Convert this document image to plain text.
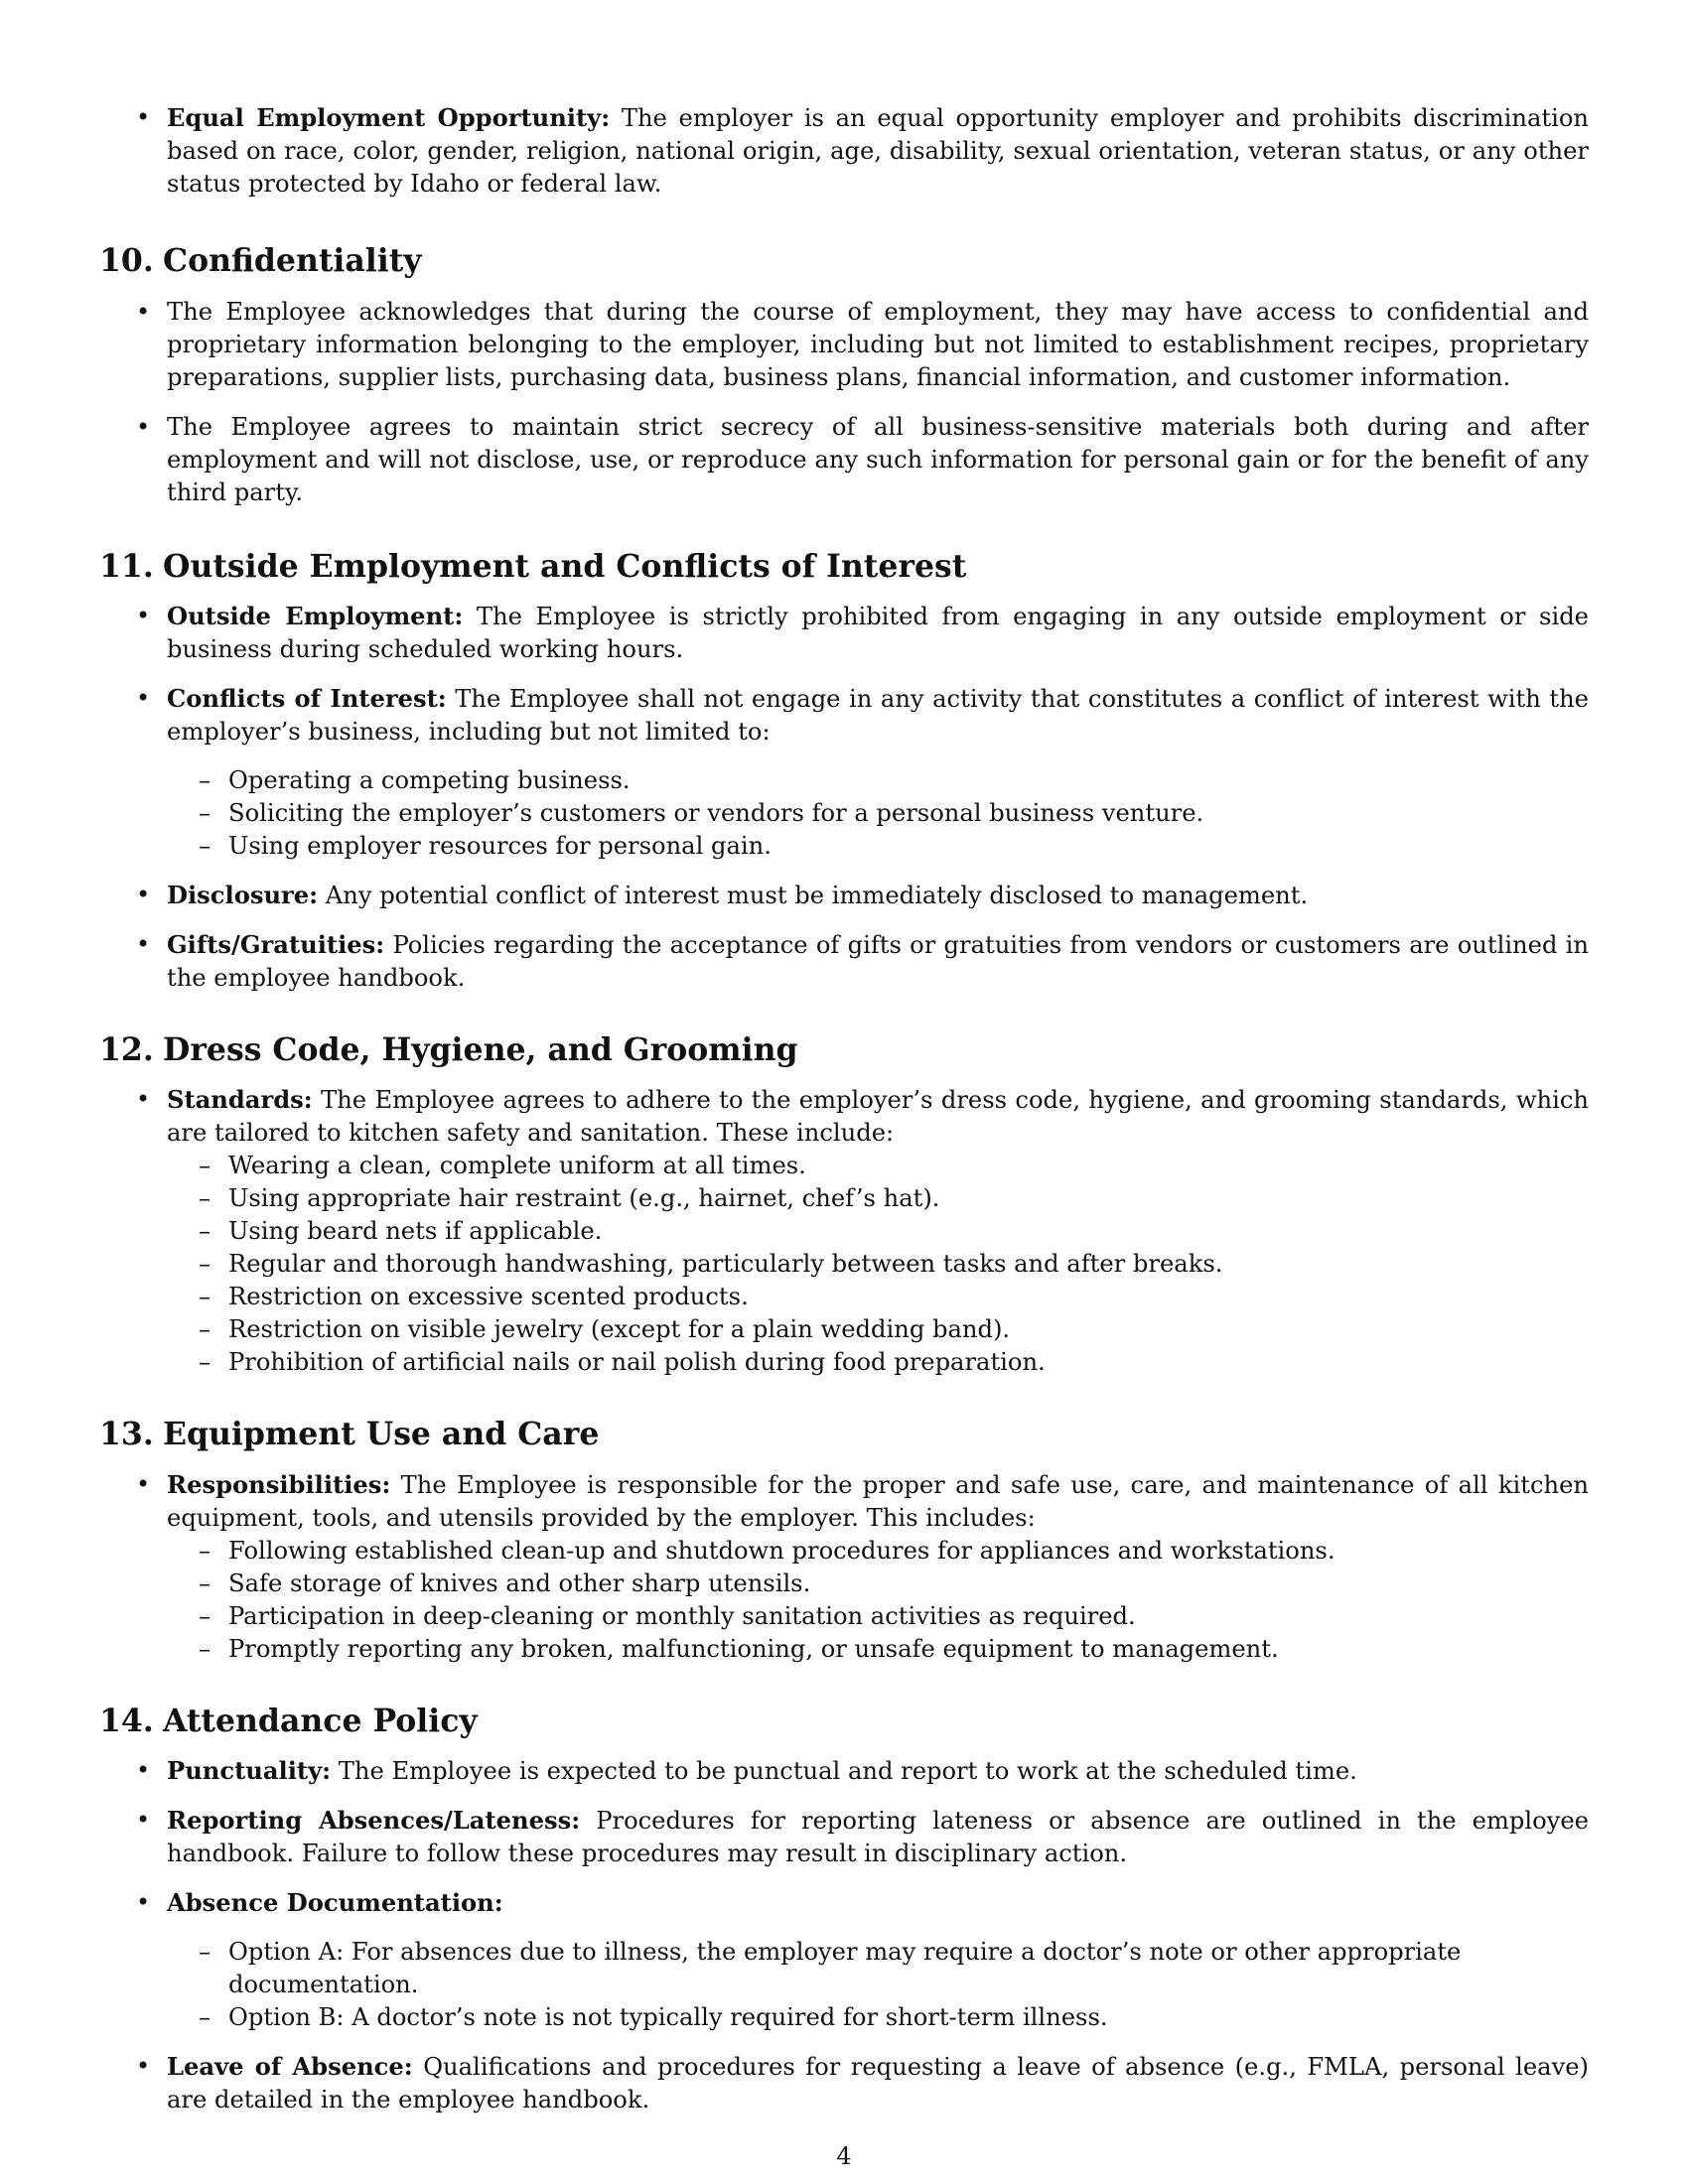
• Equal Employment Opportunity: The employer is an equal opportunity employer and prohibits discrimination based on race, color, gender, religion, national origin, age, disability, sexual orientation, veteran status, or any other status protected by Idaho or federal law.
10. Confidentiality
• The Employee acknowledges that during the course of employment, they may have access to confidential and proprietary information belonging to the employer, including but not limited to establishment recipes, proprietary preparations, supplier lists, purchasing data, business plans, financial information, and customer information.
• The Employee agrees to maintain strict secrecy of all business-sensitive materials both during and after employment and will not disclose, use, or reproduce any such information for personal gain or for the benefit of any third party.
11. Outside Employment and Conflicts of Interest
• Outside Employment: The Employee is strictly prohibited from engaging in any outside employment or side business during scheduled working hours.
• Conflicts of Interest: The Employee shall not engage in any activity that constitutes a conflict of interest with the employer’s business, including but not limited to:
– Operating a competing business.
– Soliciting the employer’s customers or vendors for a personal business venture.
– Using employer resources for personal gain.
• Disclosure: Any potential conflict of interest must be immediately disclosed to management.
• Gifts/Gratuities: Policies regarding the acceptance of gifts or gratuities from vendors or customers are outlined in the employee handbook.
12. Dress Code, Hygiene, and Grooming
• Standards: The Employee agrees to adhere to the employer’s dress code, hygiene, and grooming standards, which are tailored to kitchen safety and sanitation. These include:
– Wearing a clean, complete uniform at all times.
– Using appropriate hair restraint (e.g., hairnet, chef’s hat).
– Using beard nets if applicable.
– Regular and thorough handwashing, particularly between tasks and after breaks.
– Restriction on excessive scented products.
– Restriction on visible jewelry (except for a plain wedding band).
– Prohibition of artificial nails or nail polish during food preparation.
13. Equipment Use and Care
• Responsibilities: The Employee is responsible for the proper and safe use, care, and maintenance of all kitchen equipment, tools, and utensils provided by the employer. This includes:
– Following established clean-up and shutdown procedures for appliances and workstations.
– Safe storage of knives and other sharp utensils.
– Participation in deep-cleaning or monthly sanitation activities as required.
– Promptly reporting any broken, malfunctioning, or unsafe equipment to management.
14. Attendance Policy
• Punctuality: The Employee is expected to be punctual and report to work at the scheduled time.
• Reporting Absences/Lateness: Procedures for reporting lateness or absence are outlined in the employee handbook. Failure to follow these procedures may result in disciplinary action.
• Absence Documentation:
– Option A: For absences due to illness, the employer may require a doctor’s note or other appropriate documentation.
– Option B: A doctor’s note is not typically required for short-term illness.
• Leave of Absence: Qualifications and procedures for requesting a leave of absence (e.g., FMLA, personal leave) are detailed in the employee handbook.
4
